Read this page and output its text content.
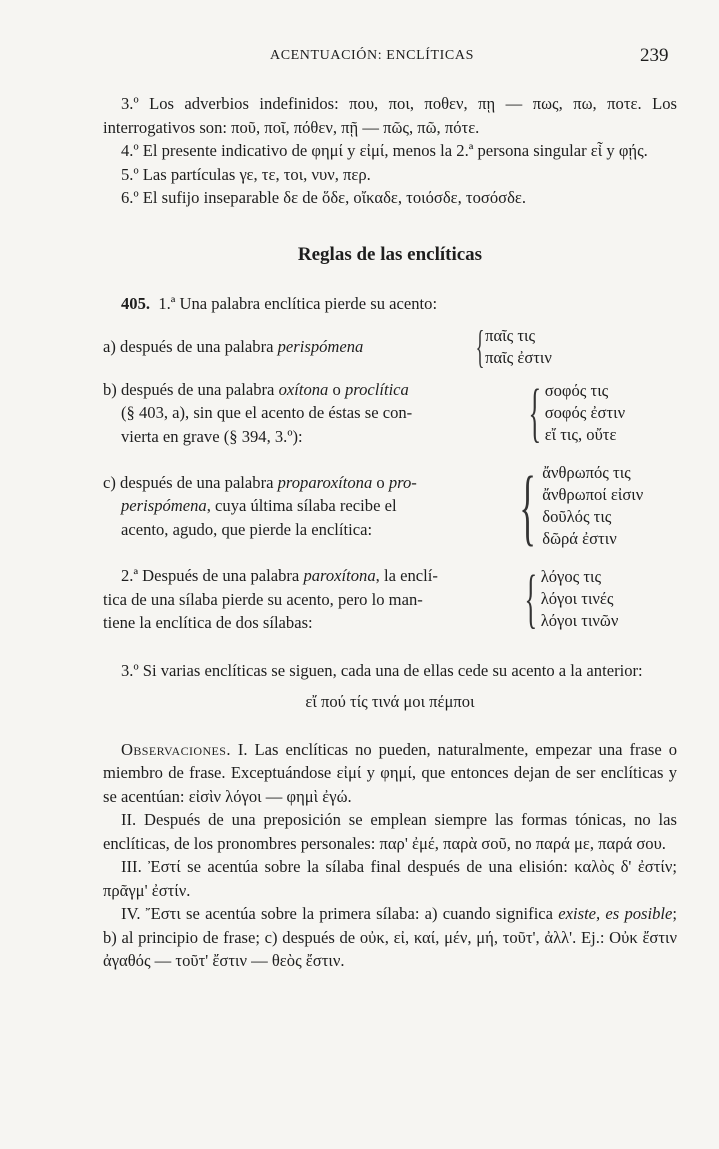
ACENTUACIÓN: ENCLÍTICAS	239

3.º Los adverbios indefinidos: πoυ, πoι, πoθεν, πῃ — πως, πω, ποτε. Los interrogativos son: ποῦ, ποῖ, πόθεν, πῇ — πῶς, πῶ, πότε.

4.º El presente indicativo de φημί y εἰμί, menos la 2.ª persona singular εἶ y φῄς.

5.º Las partículas γε, τε, τοι, νυν, περ.

6.º El sufijo inseparable δε de ὅδε, οἴκαδε, τοιόσδε, τοσόσδε.

Reglas de las enclíticas

405. 1.ª Una palabra enclítica pierde su acento:

a) después de una palabra perispómena	{ παῖς τις
παῖς ἐστιν
b) después de una palabra oxítona o proclítica
(§ 403, a), sin que el acento de éstas se con-
vierta en grave (§ 394, 3.º):	{ σοφός τις
σοφός ἐστιν
εἴ τις, οὔτε
c) después de una palabra proparoxítona o pro-
perispómena, cuya última sílaba recibe el
acento, agudo, que pierde la enclítica:	{ ἄνθρωπός τις
ἄνθρωποί εἰσιν
δοῦλός τις
δῶρά ἐστιν
2.ª Después de una palabra paroxítona, la enclí-
tica de una sílaba pierde su acento, pero lo man-
tiene la enclítica de dos sílabas:	{ λόγος τις
λόγοι τινές
λόγοι τινῶν

3.º Si varias enclíticas se siguen, cada una de ellas cede su acento a la anterior:

εἴ πού τίς τινά μοι πέμποι

Observaciones. I. Las enclíticas no pueden, naturalmente, empezar una frase o miembro de frase. Exceptuándose εἰμί y φημί, que entonces dejan de ser enclíticas y se acentúan: εἰσὶν λόγοι — φημὶ ἐγώ.

II. Después de una preposición se emplean siempre las formas tónicas, no las enclíticas, de los pronombres personales: παρ' ἐμέ, παρὰ σοῦ, no παρά με, παρά σου.

III. Ἐστί se acentúa sobre la sílaba final después de una elisión: καλὸς δ' ἐστίν; πρᾶγμ' ἐστίν.

IV. Ἔστι se acentúa sobre la primera sílaba: a) cuando significa existe, es posible; b) al principio de frase; c) después de οὐκ, εἰ, καί, μέν, μή, τοῦτ', ἀλλ'. Ej.: Οὐκ ἔστιν ἀγαθός — τοῦτ' ἔστιν — θεὸς ἔστιν.
